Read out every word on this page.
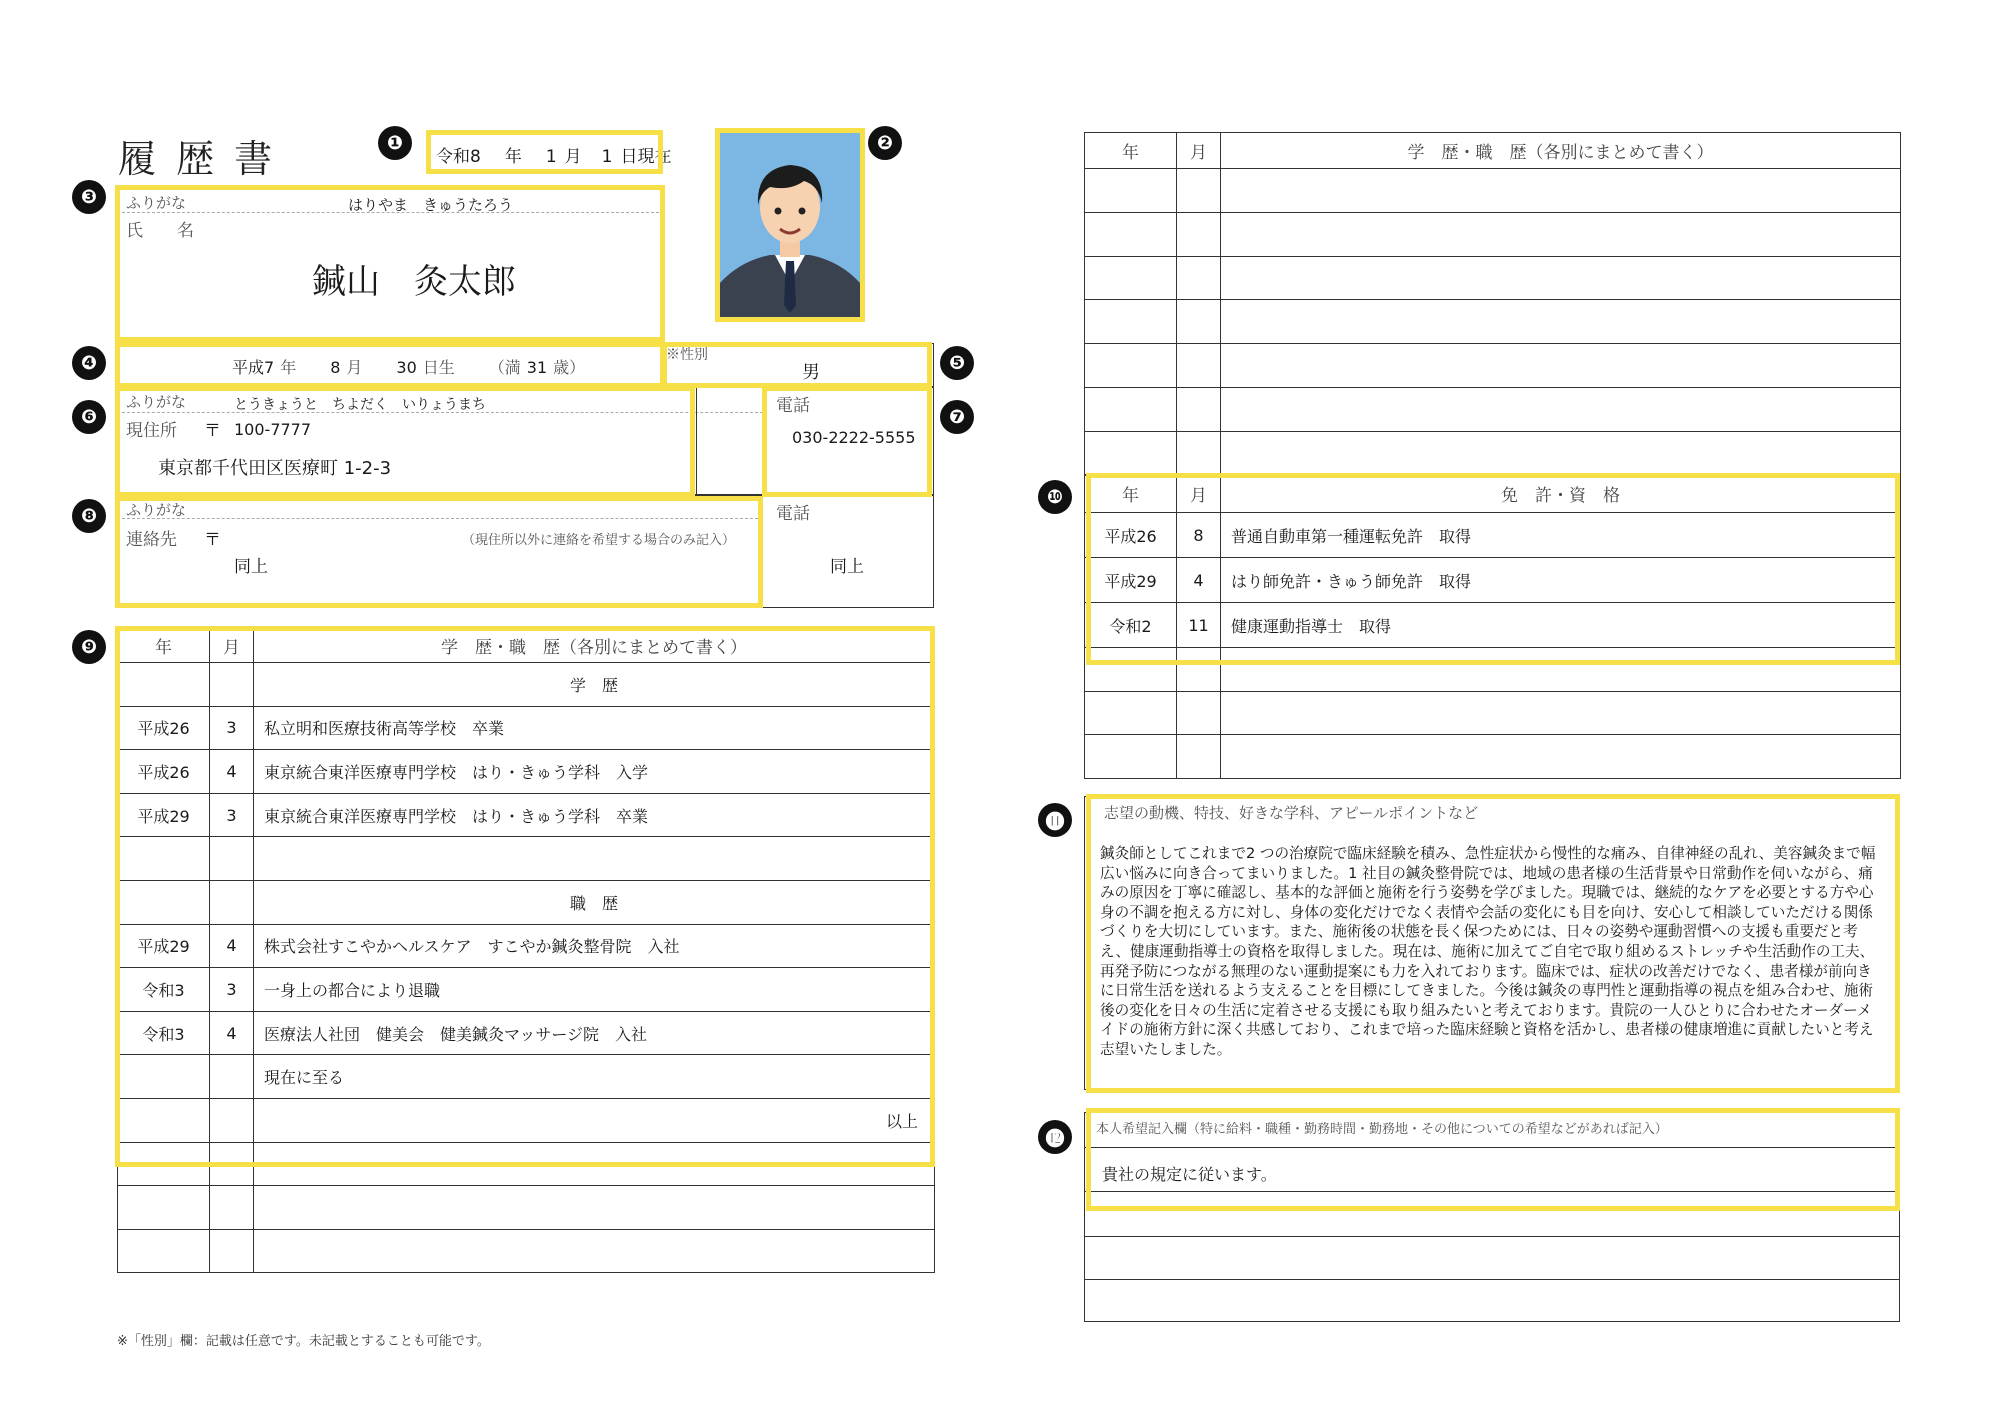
履 歴 書	令和8 年 1 月 1 日現在
ふりがな	はりやま　きゅうたろう
氏　　名
鍼山　灸太郎
平成7 年 8 月 30 日生 （満 31 歳）
※性別
男
ふりがな	とうきょうと　ちよだく　いりょうまち
現住所 〒 100-7777
東京都千代田区医療町 1-2-3
電話
030-2222-5555
ふりがな
連絡先 〒	（現住所以外に連絡を希望する場合のみ記入）
同上
電話
同上
年	月	学　歴・職　歴（各別にまとめて書く）
		学　歴
平成26	3	私立明和医療技術高等学校　卒業
平成26	4	東京統合東洋医療専門学校　はり・きゅう学科　入学
平成29	3	東京統合東洋医療専門学校　はり・きゅう学科　卒業

		職　歴
平成29	4	株式会社すこやかヘルスケア　すこやか鍼灸整骨院　入社
令和3	3	一身上の都合により退職
令和3	4	医療法人社団　健美会　健美鍼灸マッサージ院　入社
		現在に至る
		以上

※「性別」欄：記載は任意です。未記載とすることも可能です。
年	月	学　歴・職　歴（各別にまとめて書く）

年	月	免　許・資　格
平成26	8	普通自動車第一種運転免許　取得
平成29	4	はり師免許・きゅう師免許　取得
令和2	11	健康運動指導士　取得

志望の動機、特技、好きな学科、アピールポイントなど
鍼灸師としてこれまで2 つの治療院で臨床経験を積み、急性症状から慢性的な痛み、自律神経の乱れ、美容鍼灸まで幅広い悩みに向き合ってまいりました。1 社目の鍼灸整骨院では、地域の患者様の生活背景や日常動作を伺いながら、痛みの原因を丁寧に確認し、基本的な評価と施術を行う姿勢を学びました。現職では、継続的なケアを必要とする方や心身の不調を抱える方に対し、身体の変化だけでなく表情や会話の変化にも目を向け、安心して相談していただける関係づくりを大切にしています。また、施術後の状態を長く保つためには、日々の姿勢や運動習慣への支援も重要だと考え、健康運動指導士の資格を取得しました。現在は、施術に加えてご自宅で取り組めるストレッチや生活動作の工夫、再発予防につながる無理のない運動提案にも力を入れております。臨床では、症状の改善だけでなく、患者様が前向きに日常生活を送れるよう支えることを目標にしてきました。今後は鍼灸の専門性と運動指導の視点を組み合わせ、施術後の変化を日々の生活に定着させる支援にも取り組みたいと考えております。貴院の一人ひとりに合わせたオーダーメイドの施術方針に深く共感しており、これまで培った臨床経験と資格を活かし、患者様の健康増進に貢献したいと考え志望いたしました。
本人希望記入欄（特に給料・職種・勤務時間・勤務地・その他についての希望などがあれば記入）
貴社の規定に従います。
❶	❷
❸
❹	❺
❻	❼
❽
❾
❿
⓫
⓬
